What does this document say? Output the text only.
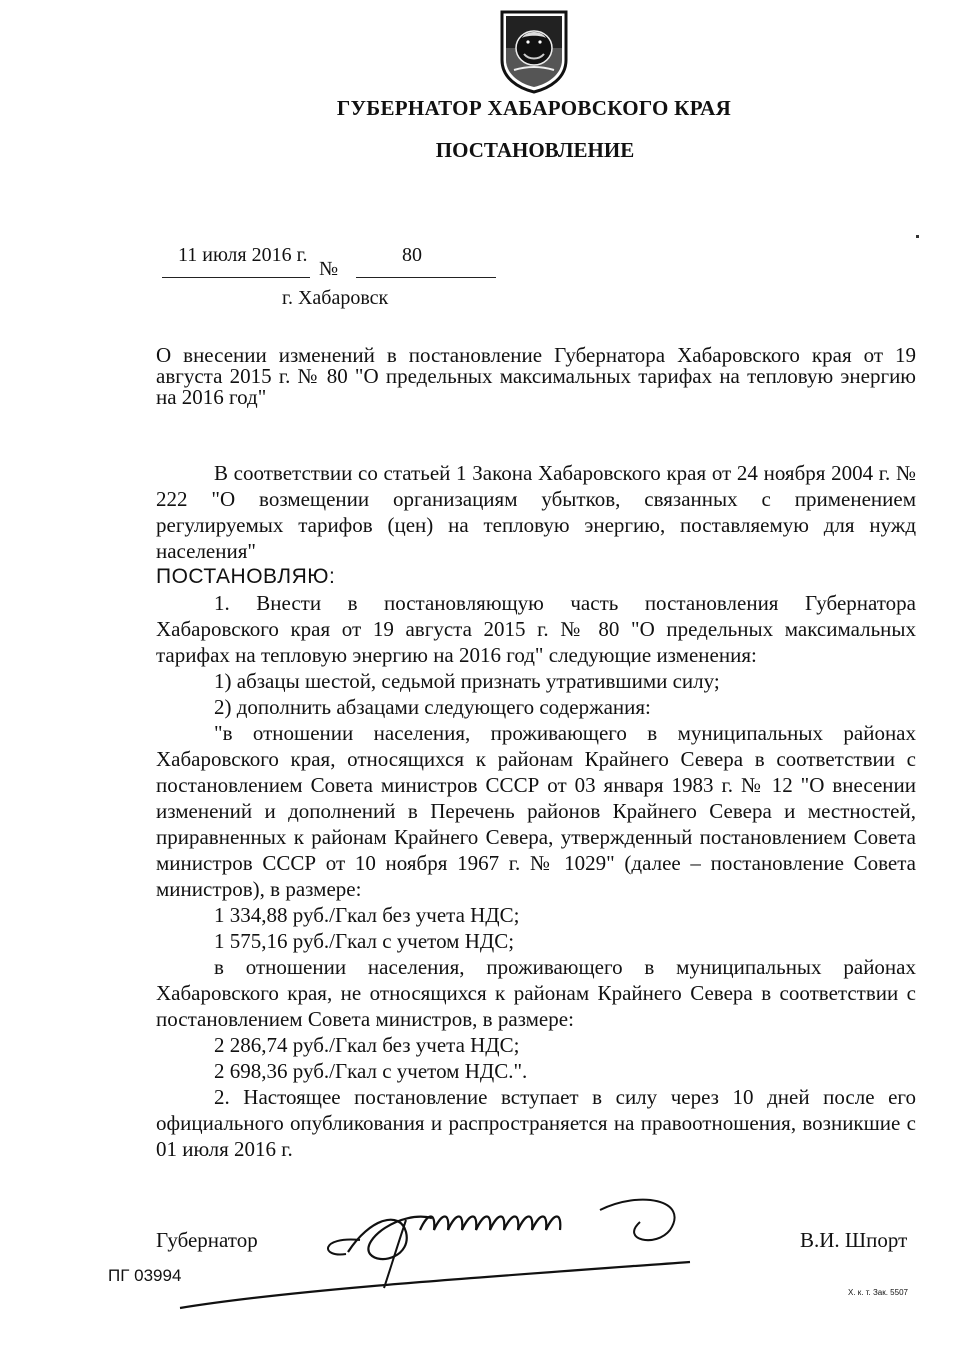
ГУБЕРНАТОР ХАБАРОВСКОГО КРАЯ
ПОСТАНОВЛЕНИЕ
11 июля 2016 г.
№
80
г. Хабаровск
О внесении изменений в постановление Губернатора Хабаровского края от 19 августа 2015 г. № 80 "О предельных максимальных тарифах на тепловую энергию на 2016 год"

В соответствии со статьей 1 Закона Хабаровского края от 24 ноября 2004 г. № 222 "О возмещении организациям убытков, связанных с применением регулируемых тарифов (цен) на тепловую энергию, поставляемую для нужд населения"

ПОСТАНОВЛЯЮ:

1. Внести в постановляющую часть постановления Губернатора Хабаровского края от 19 августа 2015 г. № 80 "О предельных максимальных тарифах на тепловую энергию на 2016 год" следующие изменения:

1) абзацы шестой, седьмой признать утратившими силу;

2) дополнить абзацами следующего содержания:

"в отношении населения, проживающего в муниципальных районах Хабаровского края, относящихся к районам Крайнего Севера в соответствии с постановлением Совета министров СССР от 03 января 1983 г. № 12 "О внесении изменений и дополнений в Перечень районов Крайнего Севера и местностей, приравненных к районам Крайнего Севера, утвержденный постановлением Совета министров СССР от 10 ноября 1967 г. № 1029" (далее – постановление Совета министров), в размере:

1 334,88 руб./Гкал без учета НДС;

1 575,16 руб./Гкал с учетом НДС;

в отношении населения, проживающего в муниципальных районах Хабаровского края, не относящихся к районам Крайнего Севера в соответствии с постановлением Совета министров, в размере:

2 286,74 руб./Гкал без учета НДС;

2 698,36 руб./Гкал с учетом НДС.".

2. Настоящее постановление вступает в силу через 10 дней после его официального опубликования и распространяется на правоотношения, возникшие с 01 июля 2016 г.

Губернатор	В.И. Шпорт
ПГ 03994
Х. к. т. Зак. 5507
